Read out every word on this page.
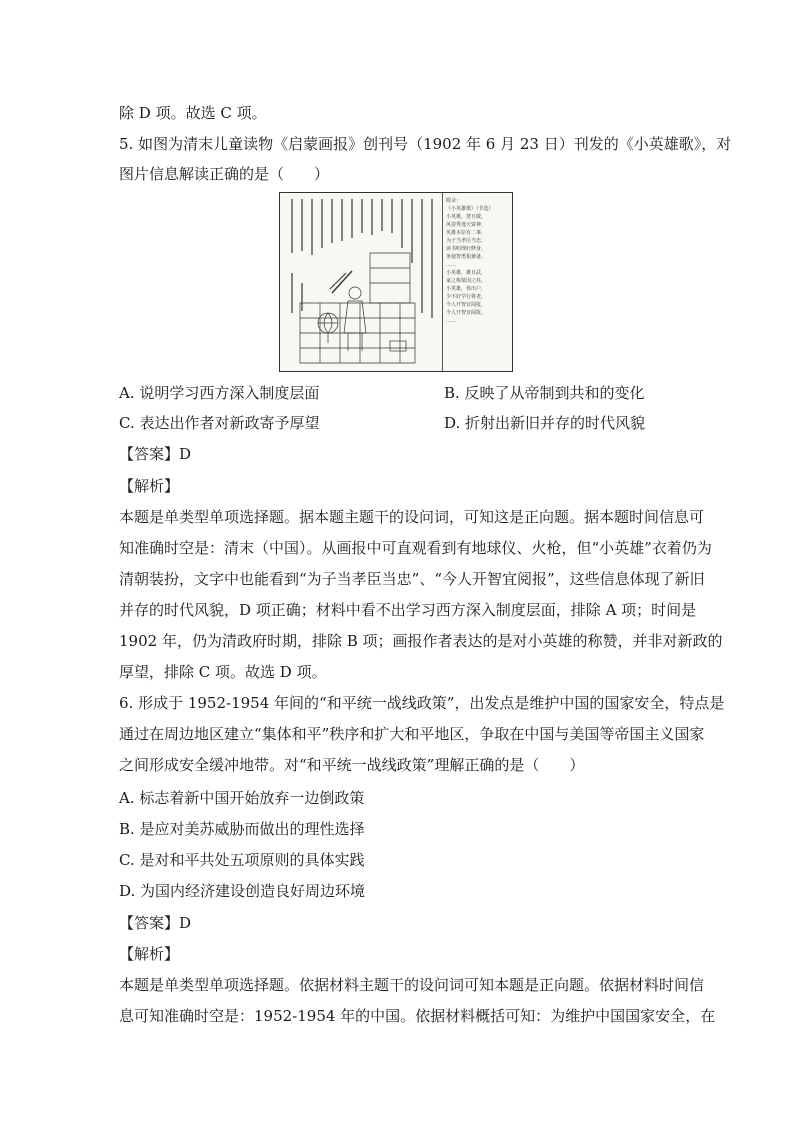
除 D 项。故选 C 项。
5. 如图为清末儿童读物《启蒙画报》创刊号（1902 年 6 月 23 日）刊发的《小英雄歌》，对
图片信息解读正确的是（　　）
附录：
《小英雄歌》（节选）
小英雄，慧且敏，
风姿秀逸天资神，
英雄本原有二事，
为子当孝臣当忠，
读书明理好修身，
务使智勇相兼备。
……
小英雄，雄且武，
家之栋梁国之柱，
小英雄，休出户，
少不好学行将老，
今人开智宜阅报，
今人开智宜阅报。
……
A. 说明学习西方深入制度层面	B. 反映了从帝制到共和的变化
C. 表达出作者对新政寄予厚望	D. 折射出新旧并存的时代风貌
【答案】D
【解析】
本题是单类型单项选择题。据本题主题干的设问词，可知这是正向题。据本题时间信息可
知准确时空是：清末（中国）。从画报中可直观看到有地球仪、火枪，但“小英雄”衣着仍为
清朝装扮，文字中也能看到“为子当孝臣当忠”、“今人开智宜阅报”，这些信息体现了新旧
并存的时代风貌，D 项正确；材料中看不出学习西方深入制度层面，排除 A 项；时间是
1902 年，仍为清政府时期，排除 B 项；画报作者表达的是对小英雄的称赞，并非对新政的
厚望，排除 C 项。故选 D 项。
6. 形成于 1952-1954 年间的“和平统一战线政策”，出发点是维护中国的国家安全，特点是
通过在周边地区建立“集体和平”秩序和扩大和平地区，争取在中国与美国等帝国主义国家
之间形成安全缓冲地带。对“和平统一战线政策”理解正确的是（　　）
A. 标志着新中国开始放弃一边倒政策
B. 是应对美苏威胁而做出的理性选择
C. 是对和平共处五项原则的具体实践
D. 为国内经济建设创造良好周边环境
【答案】D
【解析】
本题是单类型单项选择题。依据材料主题干的设问词可知本题是正向题。依据材料时间信
息可知准确时空是：1952-1954 年的中国。依据材料概括可知：为维护中国国家安全，在
